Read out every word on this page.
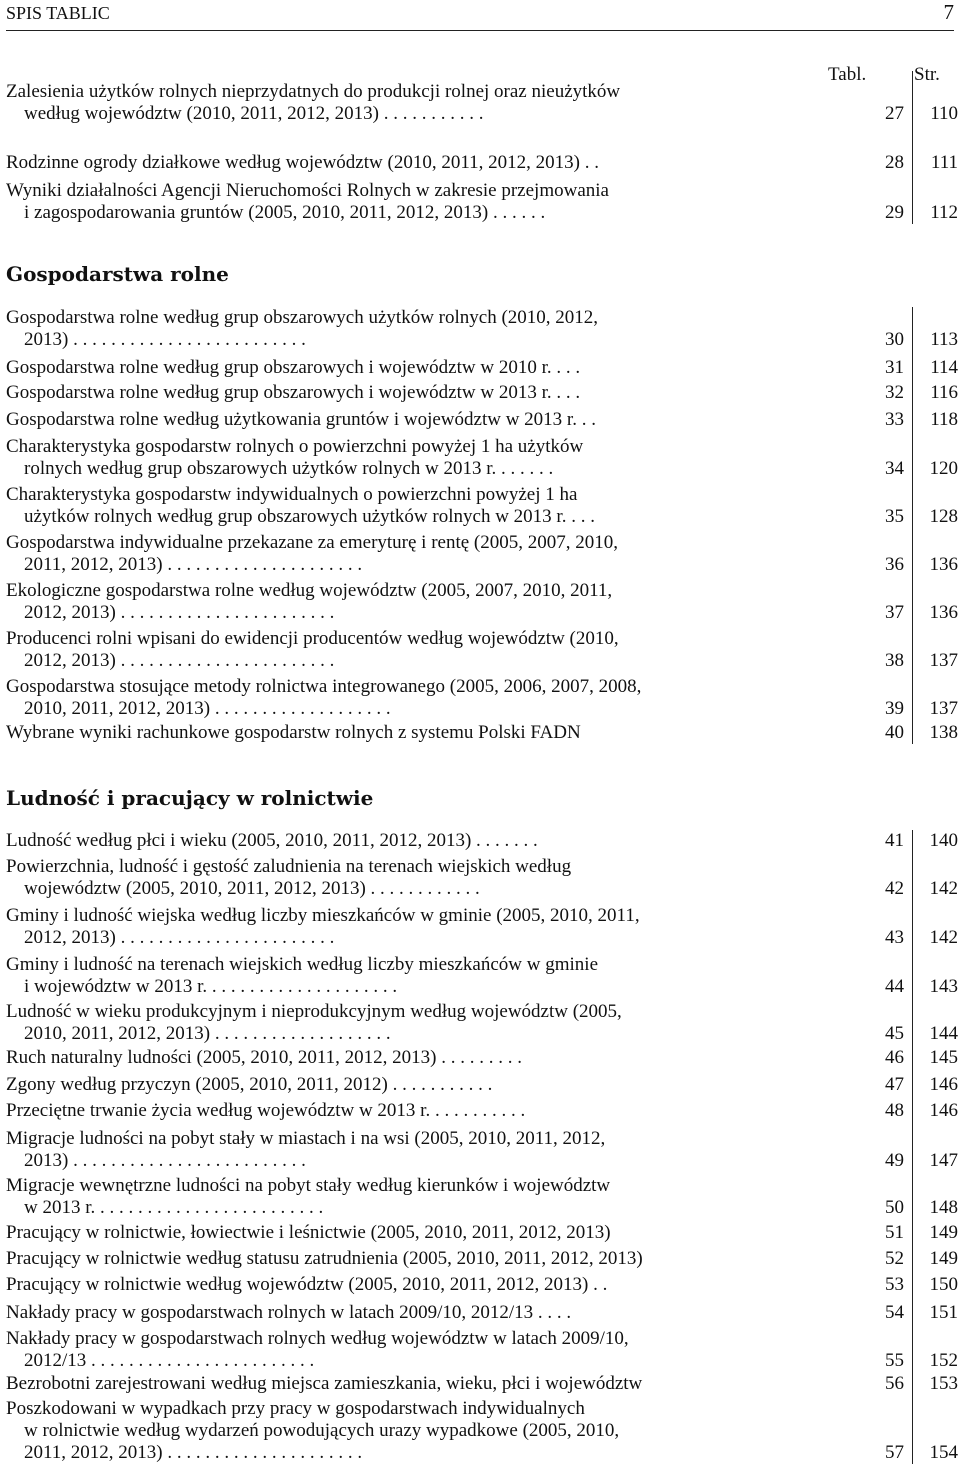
SPIS TABLIC	7
Tabl.	Str.
Gospodarstwa rolne
Ludność i pracujący w rolnictwie
Zalesienia użytków rolnych nieprzydatnych do produkcji rolnej oraz nieużytków
według województw (2010, 2011, 2012, 2013) . . . . . . . . . . .	27	110
Rodzinne ogrody działkowe według województw (2010, 2011, 2012, 2013) . .	28	111
Wyniki działalności Agencji Nieruchomości Rolnych w zakresie przejmowania
i zagospodarowania gruntów (2005, 2010, 2011, 2012, 2013) . . . . . .	29	112
Gospodarstwa rolne według grup obszarowych użytków rolnych (2010, 2012,
2013) . . . . . . . . . . . . . . . . . . . . . . . . .	30	113
Gospodarstwa rolne według grup obszarowych i województw w 2010 r. . . .	31	114
Gospodarstwa rolne według grup obszarowych i województw w 2013 r. . . .	32	116
Gospodarstwa rolne według użytkowania gruntów i województw w 2013 r. . .	33	118
Charakterystyka gospodarstw rolnych o powierzchni powyżej 1 ha użytków
rolnych według grup obszarowych użytków rolnych w 2013 r. . . . . . .	34	120
Charakterystyka gospodarstw indywidualnych o powierzchni powyżej 1 ha
użytków rolnych według grup obszarowych użytków rolnych w 2013 r. . . .	35	128
Gospodarstwa indywidualne przekazane za emeryturę i rentę (2005, 2007, 2010,
2011, 2012, 2013) . . . . . . . . . . . . . . . . . . . . .	36	136
Ekologiczne gospodarstwa rolne według województw (2005, 2007, 2010, 2011,
2012, 2013) . . . . . . . . . . . . . . . . . . . . . . .	37	136
Producenci rolni wpisani do ewidencji producentów według województw (2010,
2012, 2013) . . . . . . . . . . . . . . . . . . . . . . .	38	137
Gospodarstwa stosujące metody rolnictwa integrowanego (2005, 2006, 2007, 2008,
2010, 2011, 2012, 2013) . . . . . . . . . . . . . . . . . . .	39	137
Wybrane wyniki rachunkowe gospodarstw rolnych z systemu Polski FADN	40	138
Ludność według płci i wieku (2005, 2010, 2011, 2012, 2013) . . . . . . .	41	140
Powierzchnia, ludność i gęstość zaludnienia na terenach wiejskich według
województw (2005, 2010, 2011, 2012, 2013) . . . . . . . . . . . .	42	142
Gminy i ludność wiejska według liczby mieszkańców w gminie (2005, 2010, 2011,
2012, 2013) . . . . . . . . . . . . . . . . . . . . . . .	43	142
Gminy i ludność na terenach wiejskich według liczby mieszkańców w gminie
i województw w 2013 r. . . . . . . . . . . . . . . . . . . . .	44	143
Ludność w wieku produkcyjnym i nieprodukcyjnym według województw (2005,
2010, 2011, 2012, 2013) . . . . . . . . . . . . . . . . . . .	45	144
Ruch naturalny ludności (2005, 2010, 2011, 2012, 2013) . . . . . . . . .	46	145
Zgony według przyczyn (2005, 2010, 2011, 2012) . . . . . . . . . . .	47	146
Przeciętne trwanie życia według województw w 2013 r. . . . . . . . . . .	48	146
Migracje ludności na pobyt stały w miastach i na wsi (2005, 2010, 2011, 2012,
2013) . . . . . . . . . . . . . . . . . . . . . . . . .	49	147
Migracje wewnętrzne ludności na pobyt stały według kierunków i województw
w 2013 r. . . . . . . . . . . . . . . . . . . . . . . . .	50	148
Pracujący w rolnictwie, łowiectwie i leśnictwie (2005, 2010, 2011, 2012, 2013)	51	149
Pracujący w rolnictwie według statusu zatrudnienia (2005, 2010, 2011, 2012, 2013)	52	149
Pracujący w rolnictwie według województw (2005, 2010, 2011, 2012, 2013) . .	53	150
Nakłady pracy w gospodarstwach rolnych w latach 2009/10, 2012/13 . . . .	54	151
Nakłady pracy w gospodarstwach rolnych według województw w latach 2009/10,
2012/13 . . . . . . . . . . . . . . . . . . . . . . . .	55	152
Bezrobotni zarejestrowani według miejsca zamieszkania, wieku, płci i województw	56	153
Poszkodowani w wypadkach przy pracy w gospodarstwach indywidualnych
w rolnictwie według wydarzeń powodujących urazy wypadkowe (2005, 2010,
2011, 2012, 2013) . . . . . . . . . . . . . . . . . . . . .	57	154
